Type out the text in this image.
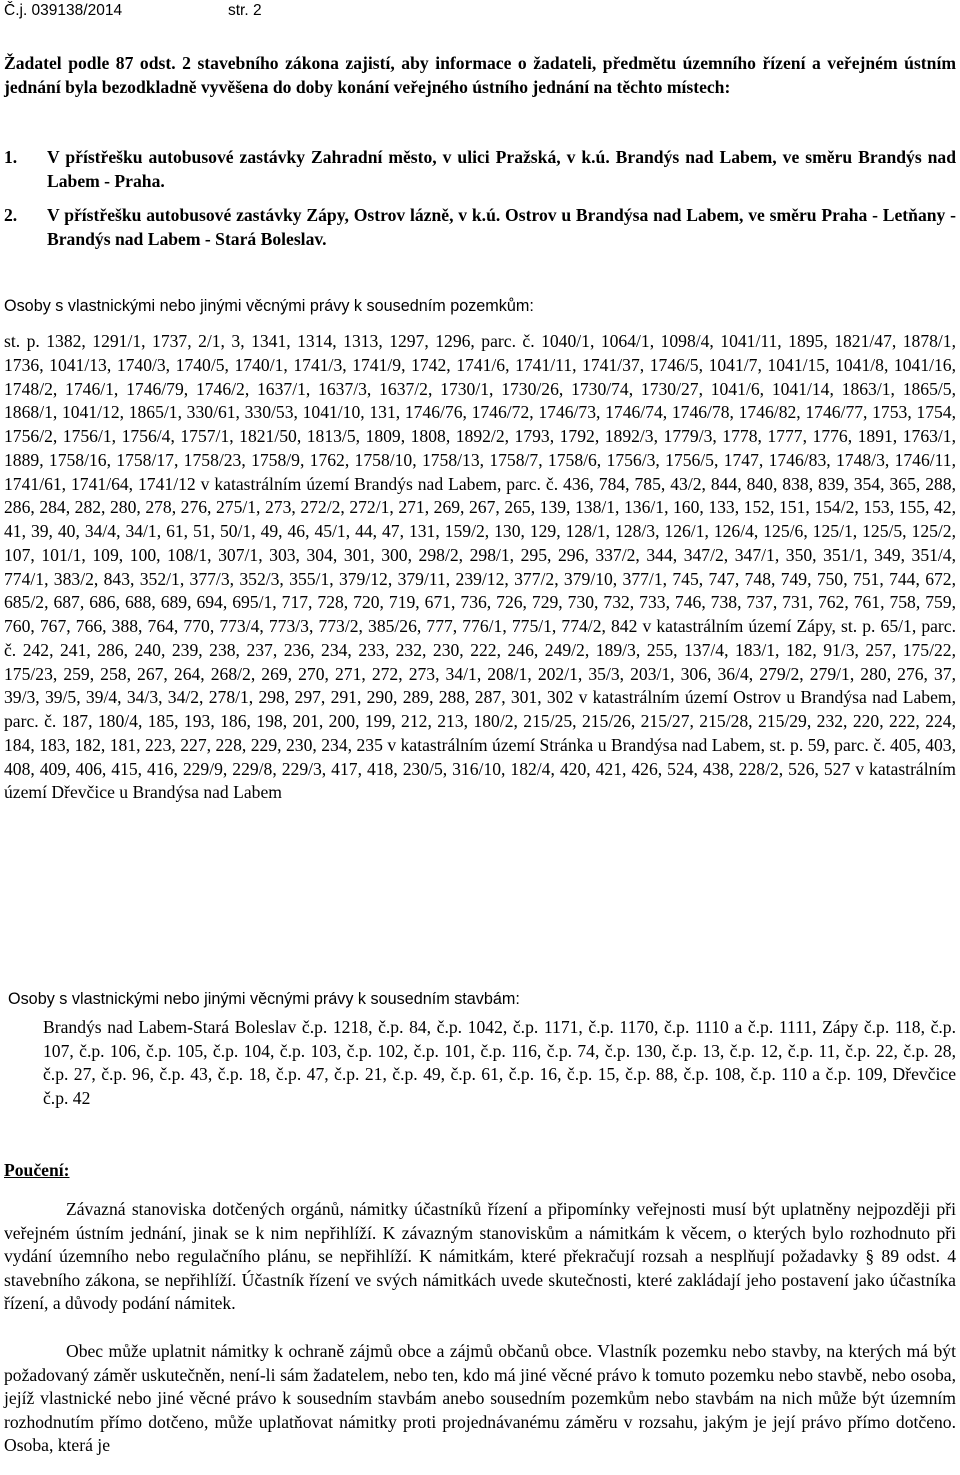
Č.j. 039138/2014	str. 2
Žadatel podle 87 odst. 2 stavebního zákona zajistí, aby informace o žadateli, předmětu územního řízení a veřejném ústním jednání byla bezodkladně vyvěšena do doby konání veřejného ústního jednání na těchto místech:
1. V přístřešku autobusové zastávky Zahradní město, v ulici Pražská, v k.ú. Brandýs nad Labem, ve směru Brandýs nad Labem - Praha.
2. V přístřešku autobusové zastávky Zápy, Ostrov lázně, v k.ú. Ostrov u Brandýsa nad Labem, ve směru Praha - Letňany - Brandýs nad Labem - Stará Boleslav.
Osoby s vlastnickými nebo jinými věcnými právy k sousedním pozemkům:
st. p. 1382, 1291/1, 1737, 2/1, 3, 1341, 1314, 1313, 1297, 1296, parc. č. 1040/1, 1064/1, 1098/4, 1041/11, 1895, 1821/47, 1878/1, 1736, 1041/13, 1740/3, 1740/5, 1740/1, 1741/3, 1741/9, 1742, 1741/6, 1741/11, 1741/37, 1746/5, 1041/7, 1041/15, 1041/8, 1041/16, 1748/2, 1746/1, 1746/79, 1746/2, 1637/1, 1637/3, 1637/2, 1730/1, 1730/26, 1730/74, 1730/27, 1041/6, 1041/14, 1863/1, 1865/5, 1868/1, 1041/12, 1865/1, 330/61, 330/53, 1041/10, 131, 1746/76, 1746/72, 1746/73, 1746/74, 1746/78, 1746/82, 1746/77, 1753, 1754, 1756/2, 1756/1, 1756/4, 1757/1, 1821/50, 1813/5, 1809, 1808, 1892/2, 1793, 1792, 1892/3, 1779/3, 1778, 1777, 1776, 1891, 1763/1, 1889, 1758/16, 1758/17, 1758/23, 1758/9, 1762, 1758/10, 1758/13, 1758/7, 1758/6, 1756/3, 1756/5, 1747, 1746/83, 1748/3, 1746/11, 1741/61, 1741/64, 1741/12 v katastrálním území Brandýs nad Labem, parc. č. 436, 784, 785, 43/2, 844, 840, 838, 839, 354, 365, 288, 286, 284, 282, 280, 278, 276, 275/1, 273, 272/2, 272/1, 271, 269, 267, 265, 139, 138/1, 136/1, 160, 133, 152, 151, 154/2, 153, 155, 42, 41, 39, 40, 34/4, 34/1, 61, 51, 50/1, 49, 46, 45/1, 44, 47, 131, 159/2, 130, 129, 128/1, 128/3, 126/1, 126/4, 125/6, 125/1, 125/5, 125/2, 107, 101/1, 109, 100, 108/1, 307/1, 303, 304, 301, 300, 298/2, 298/1, 295, 296, 337/2, 344, 347/2, 347/1, 350, 351/1, 349, 351/4, 774/1, 383/2, 843, 352/1, 377/3, 352/3, 355/1, 379/12, 379/11, 239/12, 377/2, 379/10, 377/1, 745, 747, 748, 749, 750, 751, 744, 672, 685/2, 687, 686, 688, 689, 694, 695/1, 717, 728, 720, 719, 671, 736, 726, 729, 730, 732, 733, 746, 738, 737, 731, 762, 761, 758, 759, 760, 767, 766, 388, 764, 770, 773/4, 773/3, 773/2, 385/26, 777, 776/1, 775/1, 774/2, 842 v katastrálním území Zápy, st. p. 65/1, parc. č. 242, 241, 286, 240, 239, 238, 237, 236, 234, 233, 232, 230, 222, 246, 249/2, 189/3, 255, 137/4, 183/1, 182, 91/3, 257, 175/22, 175/23, 259, 258, 267, 264, 268/2, 269, 270, 271, 272, 273, 34/1, 208/1, 202/1, 35/3, 203/1, 306, 36/4, 279/2, 279/1, 280, 276, 37, 39/3, 39/5, 39/4, 34/3, 34/2, 278/1, 298, 297, 291, 290, 289, 288, 287, 301, 302 v katastrálním území Ostrov u Brandýsa nad Labem, parc. č. 187, 180/4, 185, 193, 186, 198, 201, 200, 199, 212, 213, 180/2, 215/25, 215/26, 215/27, 215/28, 215/29, 232, 220, 222, 224, 184, 183, 182, 181, 223, 227, 228, 229, 230, 234, 235 v katastrálním území Stránka u Brandýsa nad Labem, st. p. 59, parc. č. 405, 403, 408, 409, 406, 415, 416, 229/9, 229/8, 229/3, 417, 418, 230/5, 316/10, 182/4, 420, 421, 426, 524, 438, 228/2, 526, 527 v katastrálním území Dřevčice u Brandýsa nad Labem
Osoby s vlastnickými nebo jinými věcnými právy k sousedním stavbám:
Brandýs nad Labem-Stará Boleslav č.p. 1218, č.p. 84, č.p. 1042, č.p. 1171, č.p. 1170, č.p. 1110 a č.p. 1111, Zápy č.p. 118, č.p. 107, č.p. 106, č.p. 105, č.p. 104, č.p. 103, č.p. 102, č.p. 101, č.p. 116, č.p. 74, č.p. 130, č.p. 13, č.p. 12, č.p. 11, č.p. 22, č.p. 28, č.p. 27, č.p. 96, č.p. 43, č.p. 18, č.p. 47, č.p. 21, č.p. 49, č.p. 61, č.p. 16, č.p. 15, č.p. 88, č.p. 108, č.p. 110 a č.p. 109, Dřevčice č.p. 42
Poučení:
Závazná stanoviska dotčených orgánů, námitky účastníků řízení a připomínky veřejnosti musí být uplatněny nejpozději při veřejném ústním jednání, jinak se k nim nepřihlíží. K závazným stanoviskům a námitkám k věcem, o kterých bylo rozhodnuto při vydání územního nebo regulačního plánu, se nepřihlíží. K námitkám, které překračují rozsah a nesplňují požadavky § 89 odst. 4 stavebního zákona, se nepřihlíží. Účastník řízení ve svých námitkách uvede skutečnosti, které zakládají jeho postavení jako účastníka řízení, a důvody podání námitek.
Obec může uplatnit námitky k ochraně zájmů obce a zájmů občanů obce. Vlastník pozemku nebo stavby, na kterých má být požadovaný záměr uskutečněn, není-li sám žadatelem, nebo ten, kdo má jiné věcné právo k tomuto pozemku nebo stavbě, nebo osoba, jejíž vlastnické nebo jiné věcné právo k sousedním stavbám anebo sousedním pozemkům nebo stavbám na nich může být územním rozhodnutím přímo dotčeno, může uplatňovat námitky proti projednávanému záměru v rozsahu, jakým je její právo přímo dotčeno. Osoba, která je
